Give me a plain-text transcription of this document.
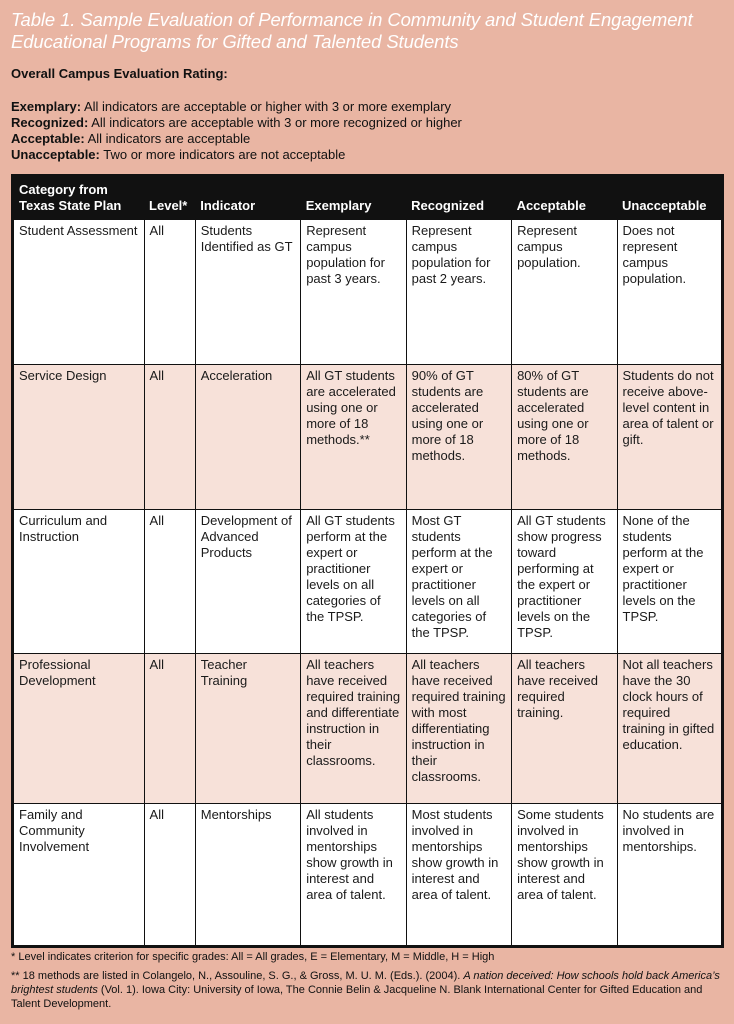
Table 1. Sample Evaluation of Performance in Community and Student Engagement Educational Programs for Gifted and Talented Students
Overall Campus Evaluation Rating:
Exemplary: All indicators are acceptable or higher with 3 or more exemplary
Recognized: All indicators are acceptable with 3 or more recognized or higher
Acceptable: All indicators are acceptable
Unacceptable: Two or more indicators are not acceptable
Category from Texas State Plan	Level*	Indicator	Exemplary	Recognized	Acceptable	Unacceptable
Student Assessment	All	Students Identified as GT	Represent campus population for past 3 years.	Represent campus population for past 2 years.	Represent campus population.	Does not represent campus population.
Service Design	All	Acceleration	All GT students are accelerated using one or more of 18 methods.**	90% of GT students are accelerated using one or more of 18 methods.	80% of GT students are accelerated using one or more of 18 methods.	Students do not receive above-level content in area of talent or gift.
Curriculum and Instruction	All	Development of Advanced Products	All GT students perform at the expert or practitioner levels on all categories of the TPSP.	Most GT students perform at the expert or practitioner levels on all categories of the TPSP.	All GT students show progress toward performing at the expert or practitioner levels on the TPSP.	None of the students perform at the expert or practitioner levels on the TPSP.
Professional Development	All	Teacher Training	All teachers have received required training and differentiate instruction in their classrooms.	All teachers have received required training with most differentiating instruction in their classrooms.	All teachers have received required training.	Not all teachers have the 30 clock hours of required training in gifted education.
Family and Community Involvement	All	Mentorships	All students involved in mentorships show growth in interest and area of talent.	Most students involved in mentorships show growth in interest and area of talent.	Some students involved in mentorships show growth in interest and area of talent.	No students are involved in mentorships.
* Level indicates criterion for specific grades: All = All grades, E = Elementary, M = Middle, H = High
** 18 methods are listed in Colangelo, N., Assouline, S. G., & Gross, M. U. M. (Eds.). (2004). A nation deceived: How schools hold back America’s brightest students (Vol. 1). Iowa City: University of Iowa, The Connie Belin & Jacqueline N. Blank International Center for Gifted Education and Talent Development.
